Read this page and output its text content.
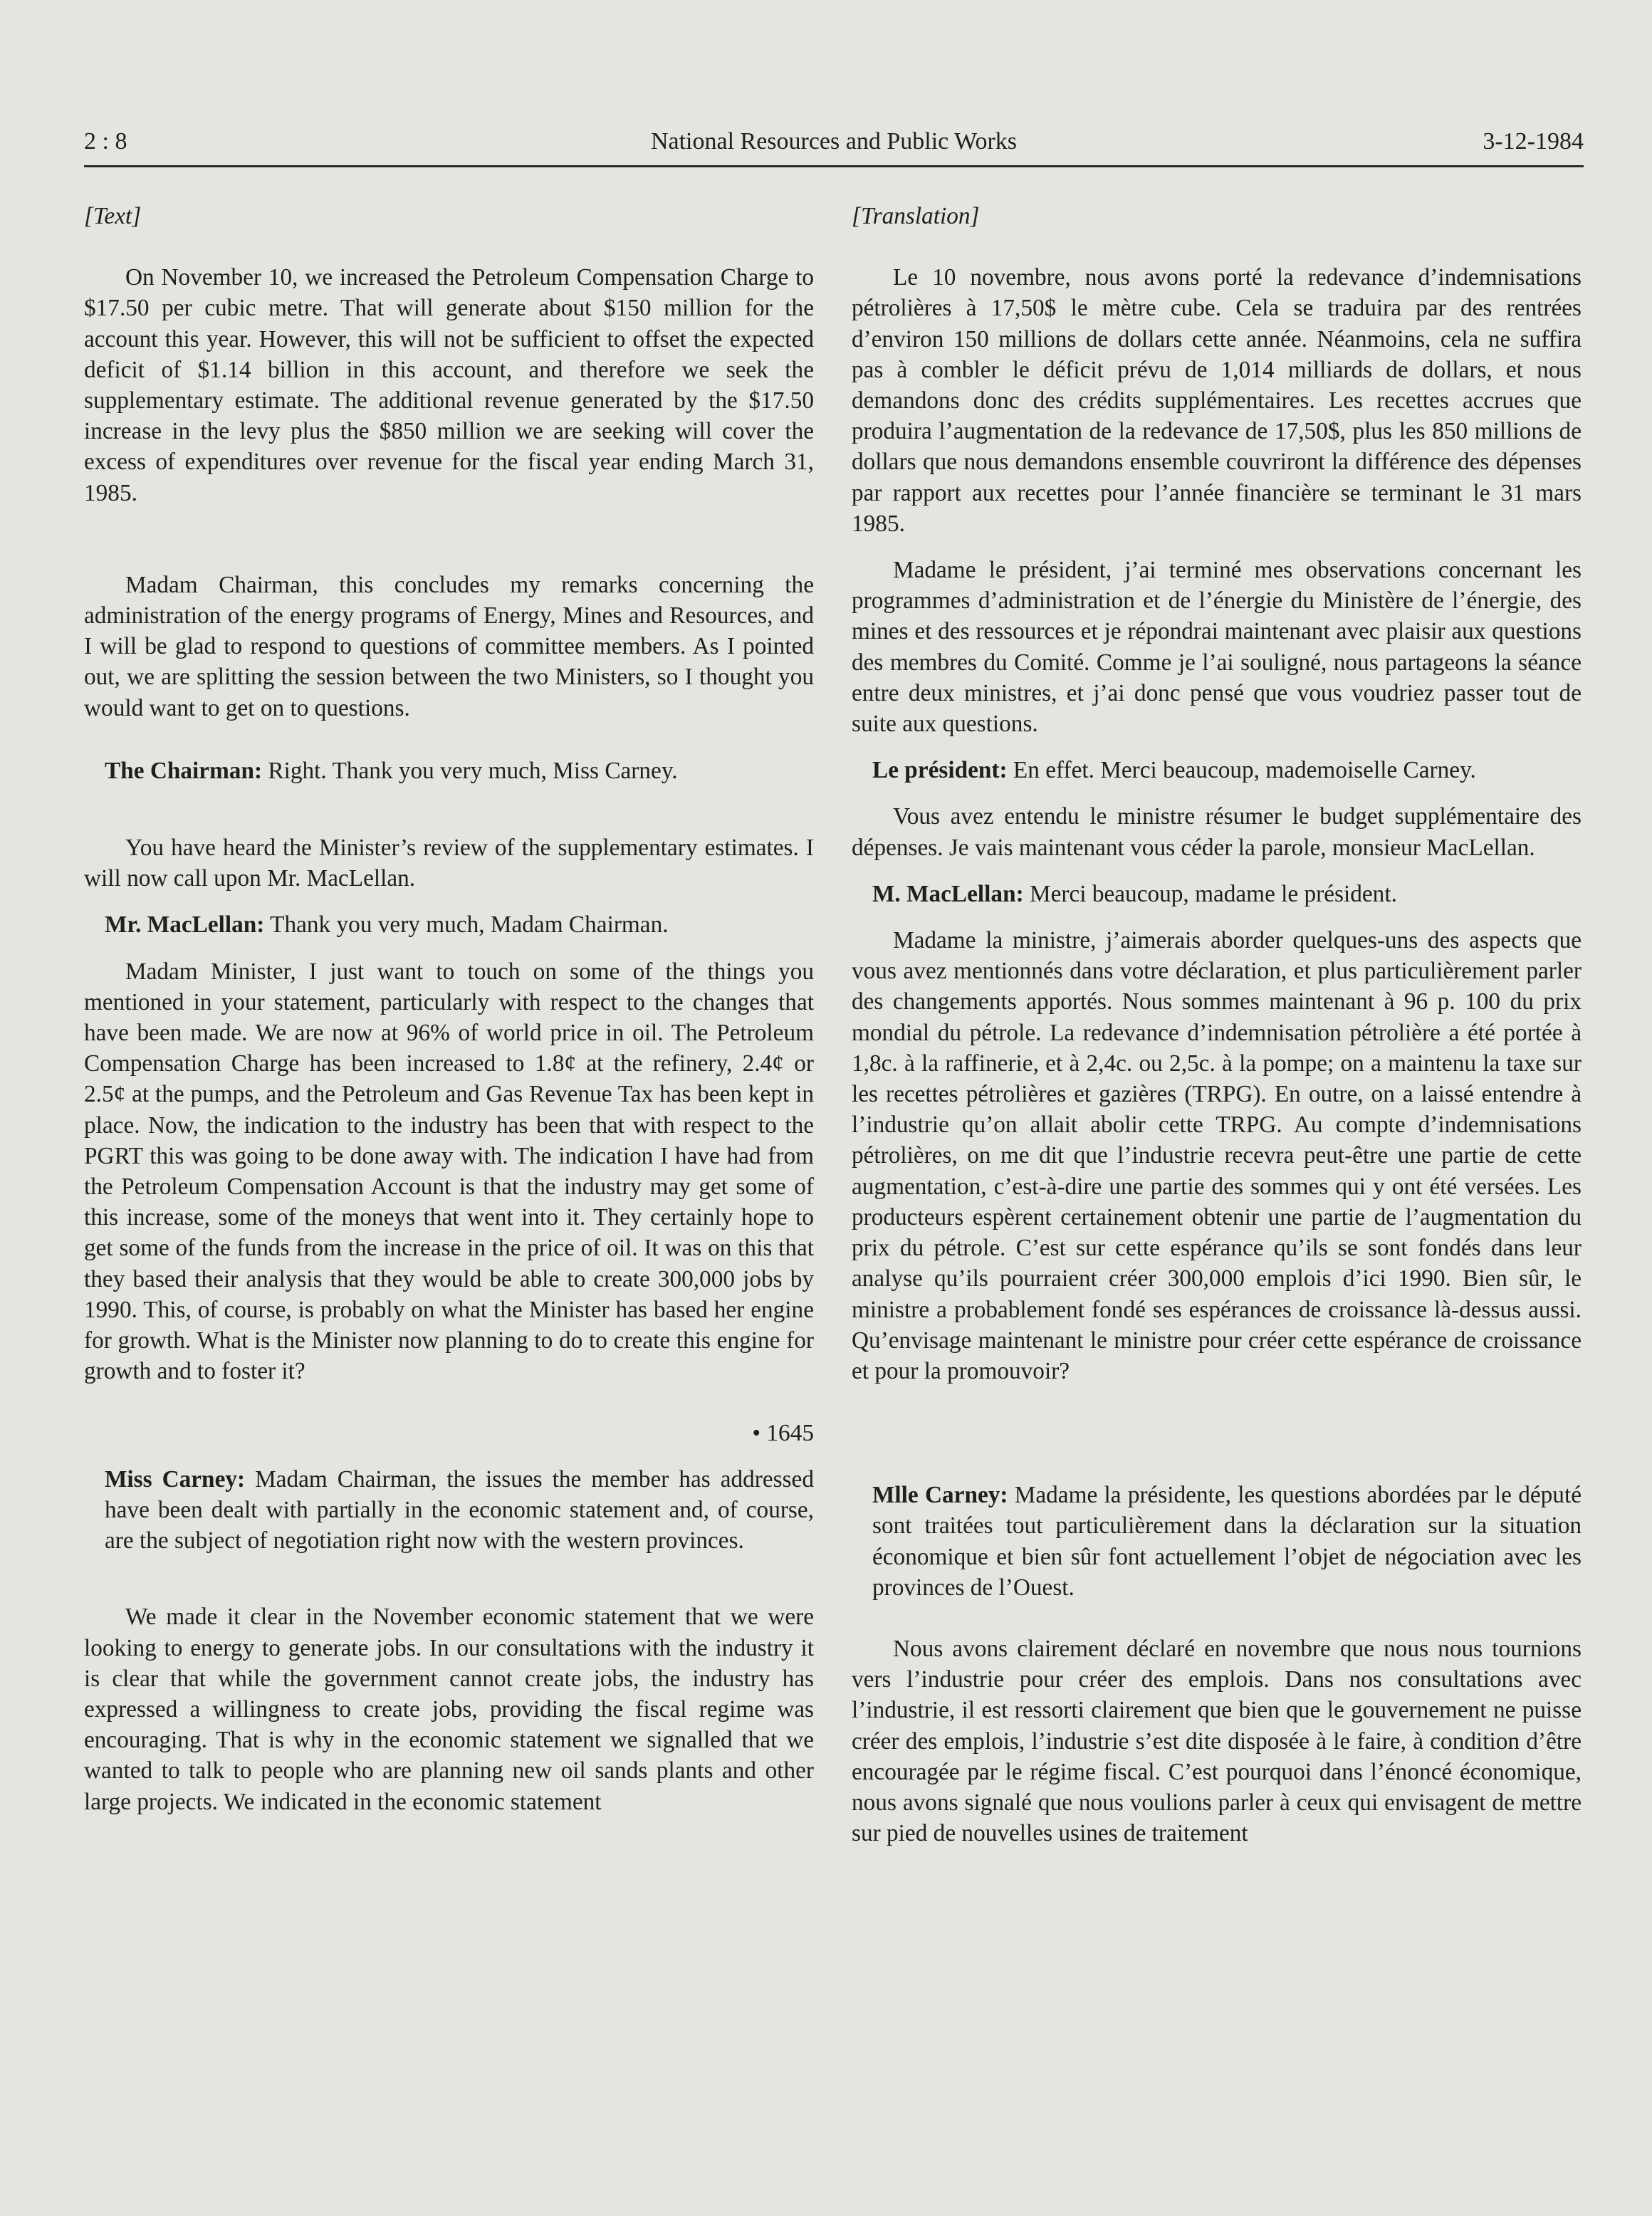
2 : 8	National Resources and Public Works	3-12-1984

[Text]

On November 10, we increased the Petroleum Compensation Charge to $17.50 per cubic metre. That will generate about $150 million for the account this year. However, this will not be sufficient to offset the expected deficit of $1.14 billion in this account, and therefore we seek the supplementary estimate. The additional revenue generated by the $17.50 increase in the levy plus the $850 million we are seeking will cover the excess of expenditures over revenue for the fiscal year ending March 31, 1985.

Madam Chairman, this concludes my remarks concerning the administration of the energy programs of Energy, Mines and Resources, and I will be glad to respond to questions of committee members. As I pointed out, we are splitting the session between the two Ministers, so I thought you would want to get on to questions.

The Chairman: Right. Thank you very much, Miss Carney.

You have heard the Minister’s review of the supplementary estimates. I will now call upon Mr. MacLellan.

Mr. MacLellan: Thank you very much, Madam Chairman.

Madam Minister, I just want to touch on some of the things you mentioned in your statement, particularly with respect to the changes that have been made. We are now at 96% of world price in oil. The Petroleum Compensation Charge has been increased to 1.8¢ at the refinery, 2.4¢ or 2.5¢ at the pumps, and the Petroleum and Gas Revenue Tax has been kept in place. Now, the indication to the industry has been that with respect to the PGRT this was going to be done away with. The indication I have had from the Petroleum Compensation Account is that the industry may get some of this increase, some of the moneys that went into it. They certainly hope to get some of the funds from the increase in the price of oil. It was on this that they based their analysis that they would be able to create 300,000 jobs by 1990. This, of course, is probably on what the Minister has based her engine for growth. What is the Minister now planning to do to create this engine for growth and to foster it?

• 1645

Miss Carney: Madam Chairman, the issues the member has addressed have been dealt with partially in the economic statement and, of course, are the subject of negotiation right now with the western provinces.

We made it clear in the November economic statement that we were looking to energy to generate jobs. In our consultations with the industry it is clear that while the government cannot create jobs, the industry has expressed a willingness to create jobs, providing the fiscal regime was encouraging. That is why in the economic statement we signalled that we wanted to talk to people who are planning new oil sands plants and other large projects. We indicated in the economic statement

[Translation]

Le 10 novembre, nous avons porté la redevance d’indemnisations pétrolières à 17,50$ le mètre cube. Cela se traduira par des rentrées d’environ 150 millions de dollars cette année. Néanmoins, cela ne suffira pas à combler le déficit prévu de 1,014 milliards de dollars, et nous demandons donc des crédits supplémentaires. Les recettes accrues que produira l’augmentation de la redevance de 17,50$, plus les 850 millions de dollars que nous demandons ensemble couvriront la différence des dépenses par rapport aux recettes pour l’année financière se terminant le 31 mars 1985.

Madame le président, j’ai terminé mes observations concernant les programmes d’administration et de l’énergie du Ministère de l’énergie, des mines et des ressources et je répondrai maintenant avec plaisir aux questions des membres du Comité. Comme je l’ai souligné, nous partageons la séance entre deux ministres, et j’ai donc pensé que vous voudriez passer tout de suite aux questions.

Le président: En effet. Merci beaucoup, mademoiselle Carney.

Vous avez entendu le ministre résumer le budget supplémentaire des dépenses. Je vais maintenant vous céder la parole, monsieur MacLellan.

M. MacLellan: Merci beaucoup, madame le président.

Madame la ministre, j’aimerais aborder quelques-uns des aspects que vous avez mentionnés dans votre déclaration, et plus particulièrement parler des changements apportés. Nous sommes maintenant à 96 p. 100 du prix mondial du pétrole. La redevance d’indemnisation pétrolière a été portée à 1,8c. à la raffinerie, et à 2,4c. ou 2,5c. à la pompe; on a maintenu la taxe sur les recettes pétrolières et gazières (TRPG). En outre, on a laissé entendre à l’industrie qu’on allait abolir cette TRPG. Au compte d’indemnisations pétrolières, on me dit que l’industrie recevra peut-être une partie de cette augmentation, c’est-à-dire une partie des sommes qui y ont été versées. Les producteurs espèrent certainement obtenir une partie de l’augmentation du prix du pétrole. C’est sur cette espérance qu’ils se sont fondés dans leur analyse qu’ils pourraient créer 300,000 emplois d’ici 1990. Bien sûr, le ministre a probablement fondé ses espérances de croissance là-dessus aussi. Qu’envisage maintenant le ministre pour créer cette espérance de croissance et pour la promouvoir?

Mlle Carney: Madame la présidente, les questions abordées par le député sont traitées tout particulièrement dans la déclaration sur la situation économique et bien sûr font actuellement l’objet de négociation avec les provinces de l’Ouest.

Nous avons clairement déclaré en novembre que nous nous tournions vers l’industrie pour créer des emplois. Dans nos consultations avec l’industrie, il est ressorti clairement que bien que le gouvernement ne puisse créer des emplois, l’industrie s’est dite disposée à le faire, à condition d’être encouragée par le régime fiscal. C’est pourquoi dans l’énoncé économique, nous avons signalé que nous voulions parler à ceux qui envisagent de mettre sur pied de nouvelles usines de traitement
